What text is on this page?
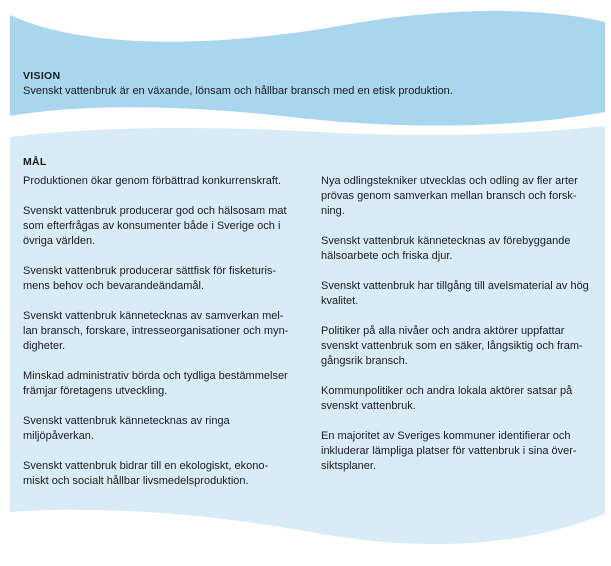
VISION

Svenskt vattenbruk är en växande, lönsam och hållbar bransch med en etisk produktion.

MÅL

Produktionen ökar genom förbättrad konkurrenskraft.

Svenskt vattenbruk producerar god och hälsosam mat
som efterfrågas av konsumenter både i Sverige och i
övriga världen.

Svenskt vattenbruk producerar sättfisk för fisketuris-
mens behov och bevarandeändamål.

Svenskt vattenbruk kännetecknas av samverkan mel-
lan bransch, forskare, intresseorganisationer och myn-
digheter.

Minskad administrativ börda och tydliga bestämmelser
främjar företagens utveckling.

Svenskt vattenbruk kännetecknas av ringa miljöpåverkan.

Svenskt vattenbruk bidrar till en ekologiskt, ekono-
miskt och socialt hållbar livsmedelsproduktion.

Nya odlingstekniker utvecklas och odling av fler arter
prövas genom samverkan mellan bransch och forsk-
ning.

Svenskt vattenbruk kännetecknas av förebyggande
hälsoarbete och friska djur.

Svenskt vattenbruk har tillgång till avelsmaterial av hög
kvalitet.

Politiker på alla nivåer och andra aktörer uppfattar
svenskt vattenbruk som en säker, långsiktig och fram-
gångsrik bransch.

Kommunpolitiker och andra lokala aktörer satsar på
svenskt vattenbruk.

En majoritet av Sveriges kommuner identifierar och
inkluderar lämpliga platser för vattenbruk i sina över-
siktsplaner.
